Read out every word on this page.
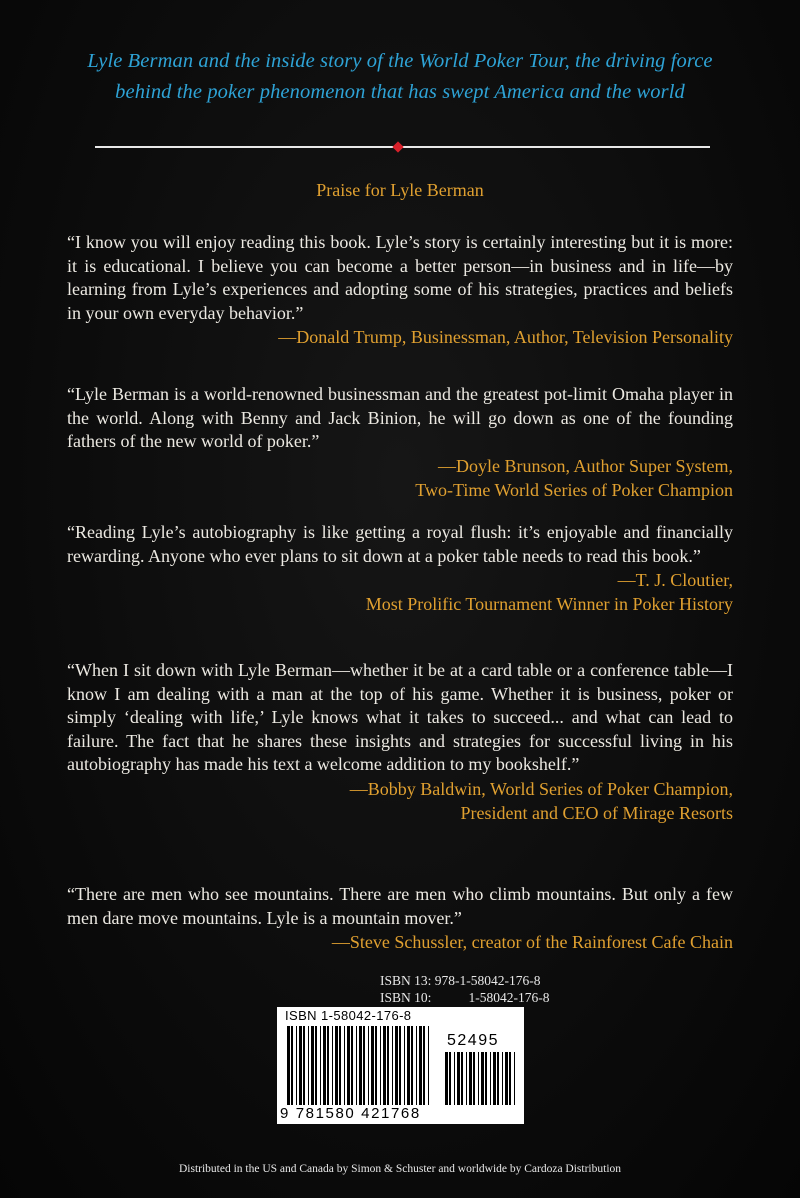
Lyle Berman and the inside story of the World Poker Tour, the driving force
behind the poker phenomenon that has swept America and the world
Praise for Lyle Berman

“I know you will enjoy reading this book. Lyle’s story is certainly interesting but it is more: it is educational. I believe you can become a better person—in business and in life—by learning from Lyle’s experiences and adopting some of his strategies, practices and beliefs in your own everyday behavior.”

—Donald Trump, Businessman, Author, Television Personality

“Lyle Berman is a world-renowned businessman and the greatest pot-limit Omaha player in the world. Along with Benny and Jack Binion, he will go down as one of the founding fathers of the new world of poker.”

—Doyle Brunson, Author Super System,
Two-Time World Series of Poker Champion

“Reading Lyle’s autobiography is like getting a royal flush: it’s enjoyable and financially rewarding. Anyone who ever plans to sit down at a poker table needs to read this book.”

—T. J. Cloutier,
Most Prolific Tournament Winner in Poker History

“When I sit down with Lyle Berman—whether it be at a card table or a conference table—I know I am dealing with a man at the top of his game. Whether it is business, poker or simply ‘dealing with life,’ Lyle knows what it takes to succeed... and what can lead to failure. The fact that he shares these insights and strategies for successful living in his autobiography has made his text a welcome addition to my bookshelf.”

—Bobby Baldwin, World Series of Poker Champion,
President and CEO of Mirage Resorts

“There are men who see mountains. There are men who climb mountains. But only a few men dare move mountains. Lyle is a mountain mover.”

—Steve Schussler, creator of the Rainforest Cafe Chain
ISBN 13: 978-1-58042-176-8
ISBN 10:	1-58042-176-8
ISBN 1-58042-176-8
52495
9 781580 421768
Distributed in the US and Canada by Simon & Schuster and worldwide by Cardoza Distribution
